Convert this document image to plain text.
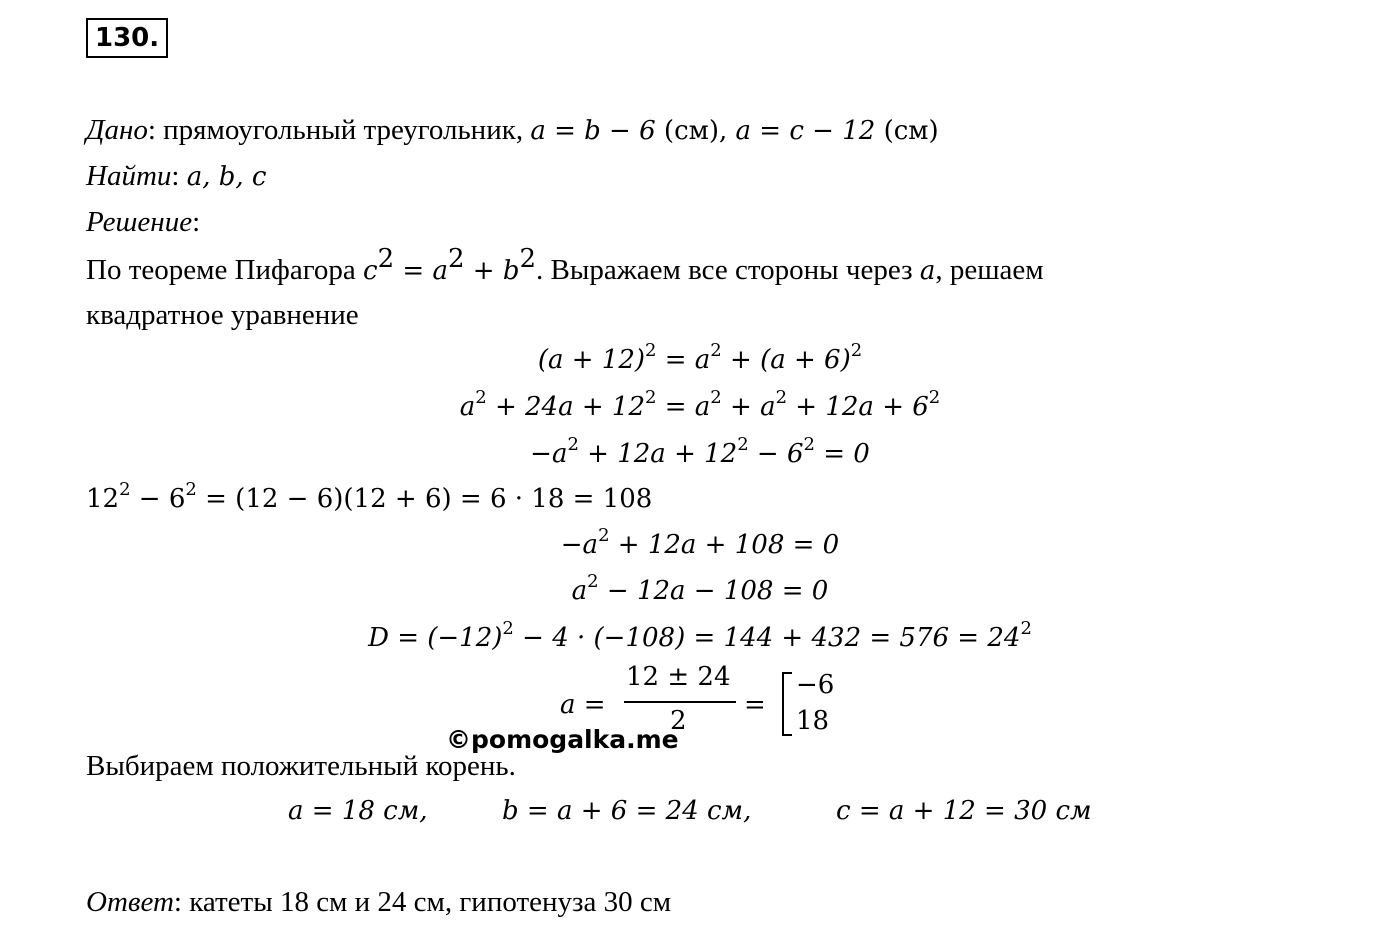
130.
Дано: прямоугольный треугольник, a = b − 6 (см), a = c − 12 (см)
Найти: a, b, c
Решение:
По теореме Пифагора $c^2 = a^2 + b^2$. Выражаем все стороны через a, решаем
квадратное уравнение
$(a + 12)^2 = a^2 + (a + 6)^2$
$a^2 + 24a + 12^2 = a^2 + a^2 + 12a + 6^2$
$-a^2 + 12a + 12^2 - 6^2 = 0$
$12^2 - 6^2 = (12 - 6)(12 + 6) = 6 \cdot 18 = 108$
$-a^2 + 12a + 108 = 0$
$a^2 - 12a - 108 = 0$
$D = (-12)^2 - 4 \cdot (-108) = 144 + 432 = 576 = 24^2$
a =
12 ± 24
2
=
−6
18
©pomogalka.me
Выбираем положительный корень.
a = 18 см,	b = a + 6 = 24 см,	c = a + 12 = 30 см
Ответ: катеты 18 см и 24 см, гипотенуза 30 см
